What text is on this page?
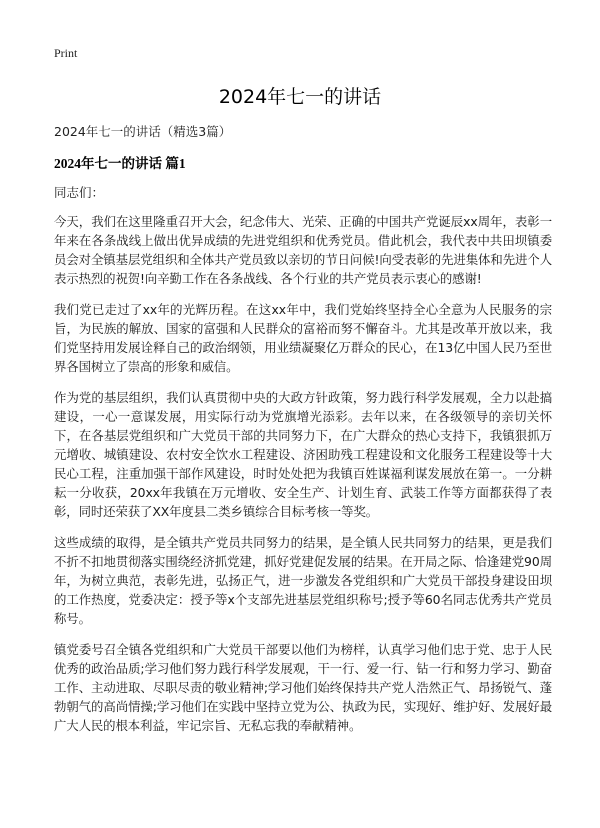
Print
2024年七一的讲话
2024年七一的讲话（精选3篇）
2024年七一的讲话 篇1
同志们：

今天，我们在这里隆重召开大会，纪念伟大、光荣、正确的中国共产党诞辰xx周年，表彰一年来在各条战线上做出优异成绩的先进党组织和优秀党员。借此机会，我代表中共田坝镇委员会对全镇基层党组织和全体共产党员致以亲切的节日问候!向受表彰的先进集体和先进个人表示热烈的祝贺!向辛勤工作在各条战线、各个行业的共产党员表示衷心的感谢!

我们党已走过了xx年的光辉历程。在这xx年中，我们党始终坚持全心全意为人民服务的宗旨，为民族的解放、国家的富强和人民群众的富裕而努不懈奋斗。尤其是改革开放以来，我们党坚持用发展诠释自己的政治纲领，用业绩凝聚亿万群众的民心，在13亿中国人民乃至世界各国树立了崇高的形象和威信。

作为党的基层组织，我们认真贯彻中央的大政方针政策，努力践行科学发展观，全力以赴搞建设，一心一意谋发展，用实际行动为党旗增光添彩。去年以来，在各级领导的亲切关怀下，在各基层党组织和广大党员干部的共同努力下，在广大群众的热心支持下，我镇狠抓万元增收、城镇建设、农村安全饮水工程建设、济困助残工程建设和文化服务工程建设等十大民心工程，注重加强干部作风建设，时时处处把为我镇百姓谋福利谋发展放在第一。一分耕耘一分收获，20xx年我镇在万元增收、安全生产、计划生育、武装工作等方面都获得了表彰，同时还荣获了XX年度县二类乡镇综合目标考核一等奖。

这些成绩的取得，是全镇共产党员共同努力的结果，是全镇人民共同努力的结果，更是我们不折不扣地贯彻落实围绕经济抓党建，抓好党建促发展的结果。在开局之际、恰逢建党90周年，为树立典范，表彰先进，弘扬正气，进一步激发各党组织和广大党员干部投身建设田坝的工作热度，党委决定：授予等x个支部先进基层党组织称号;授予等60名同志优秀共产党员称号。

镇党委号召全镇各党组织和广大党员干部要以他们为榜样，认真学习他们忠于党、忠于人民优秀的政治品质;学习他们努力践行科学发展观，干一行、爱一行、钻一行和努力学习、勤奋工作、主动进取、尽职尽责的敬业精神;学习他们始终保持共产党人浩然正气、昂扬锐气、蓬勃朝气的高尚情操;学习他们在实践中坚持立党为公、执政为民，实现好、维护好、发展好最广大人民的根本利益，牢记宗旨、无私忘我的奉献精神。
